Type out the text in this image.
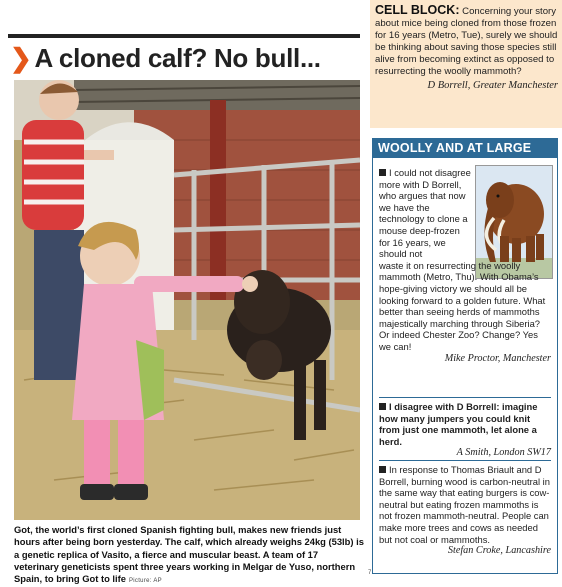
❯ A cloned calf? No bull...
Got, the world’s first cloned Spanish fighting bull, makes new friends just hours after being born yesterday. The calf, which already weighs 24kg (53lb) is a genetic replica of Vasito, a fierce and muscular beast. A team of 17 veterinary geneticists spent three years working in Melgar de Yuso, northern Spain, to bring Got to life Picture: AP
7

CELL BLOCK: Concerning your story about mice being cloned from those frozen for 16 years (Metro, Tue), surely we should be thinking about saving those species still alive from becoming extinct as opposed to resurrecting the woolly mammoth?

D Borrell, Greater Manchester

WOOLLY AND AT LARGE
I could not disagree more with D Borrell, who argues that now we have the technology to clone a mouse deep-frozen for 16 years, we should not
waste it on resurrecting the woolly mammoth (Metro, Thu). With Obama’s hope-giving victory we should all be looking forward to a golden future. What better than seeing herds of mammoths majestically marching through Siberia? Or indeed Chester Zoo? Change? Yes we can!
Mike Proctor, Manchester
I disagree with D Borrell: imagine how many jumpers you could knit from just one mammoth, let alone a herd.
A Smith, London SW17
In response to Thomas Briault and D Borrell, burning wood is carbon-neutral in the same way that eating burgers is cow-neutral but eating frozen mammoths is not frozen mammoth-neutral. People can make more trees and cows as needed but not coal or mammoths.
Stefan Croke, Lancashire
